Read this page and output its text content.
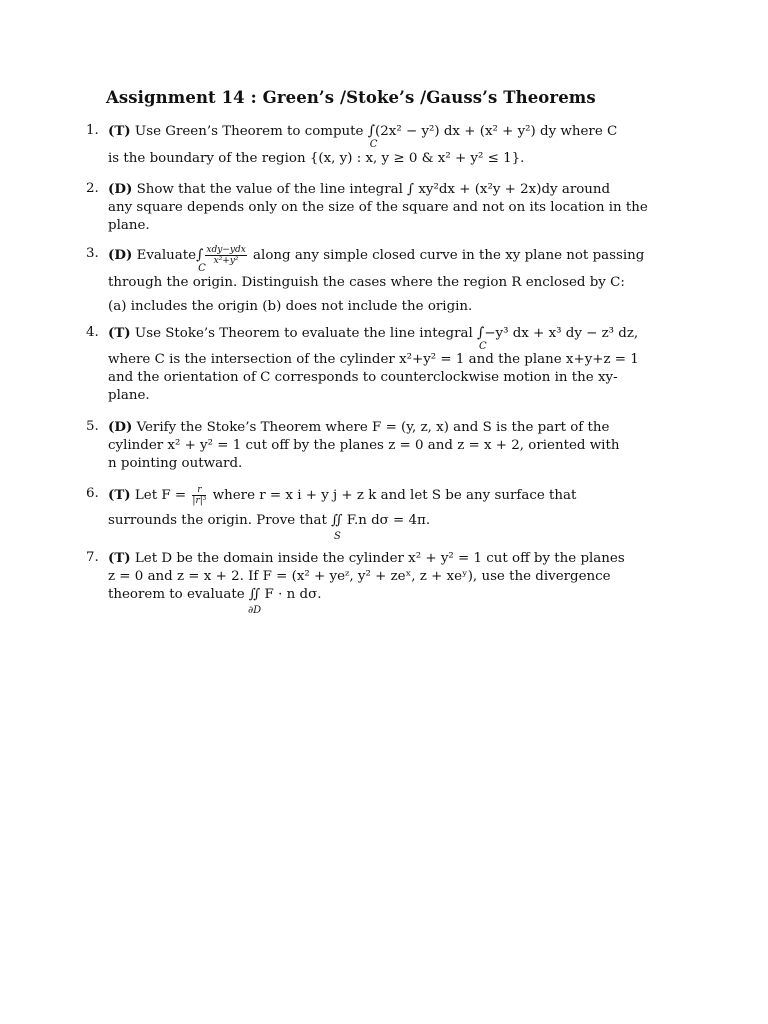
Assignment 14 : Green’s /Stoke’s /Gauss’s Theorems
1. (T) Use Green’s Theorem to compute ∫
C
(2x² − y²) dx + (x² + y²) dy where C
is the boundary of the region {(x, y) : x, y ≥ 0 & x² + y² ≤ 1}.
2. (D) Show that the value of the line integral ∫ xy²dx + (x²y + 2x)dy around
any square depends only on the size of the square and not on its location in the
plane.
3. (D) Evaluate∫
C
$\frac{\text{xdy−ydx}}{\text{x²+y²}}$ along any simple closed curve in the xy plane not passing
through the origin. Distinguish the cases where the region R enclosed by C:
(a) includes the origin (b) does not include the origin.
4. (T) Use Stoke’s Theorem to evaluate the line integral ∫
C
−y³ dx + x³ dy − z³ dz,
where C is the intersection of the cylinder x²+y² = 1 and the plane x+y+z = 1
and the orientation of C corresponds to counterclockwise motion in the xy-
plane.
5. (D) Verify the Stoke’s Theorem where F = (y, z, x) and S is the part of the
cylinder x² + y² = 1 cut off by the planes z = 0 and z = x + 2, oriented with
n pointing outward.
6. (T) Let $F = \frac{r}{\text{|r|³}}$ where r = x i + y j + z k and let S be any surface that
surrounds the origin. Prove that ∬ F.n dσ = 4π.
S
7. (T) Let D be the domain inside the cylinder x² + y² = 1 cut off by the planes
z = 0 and z = x + 2. If F = (x² + yeᶻ, y² + zeˣ, z + xeʸ), use the divergence
theorem to evaluate ∬ F · n dσ.
∂D
